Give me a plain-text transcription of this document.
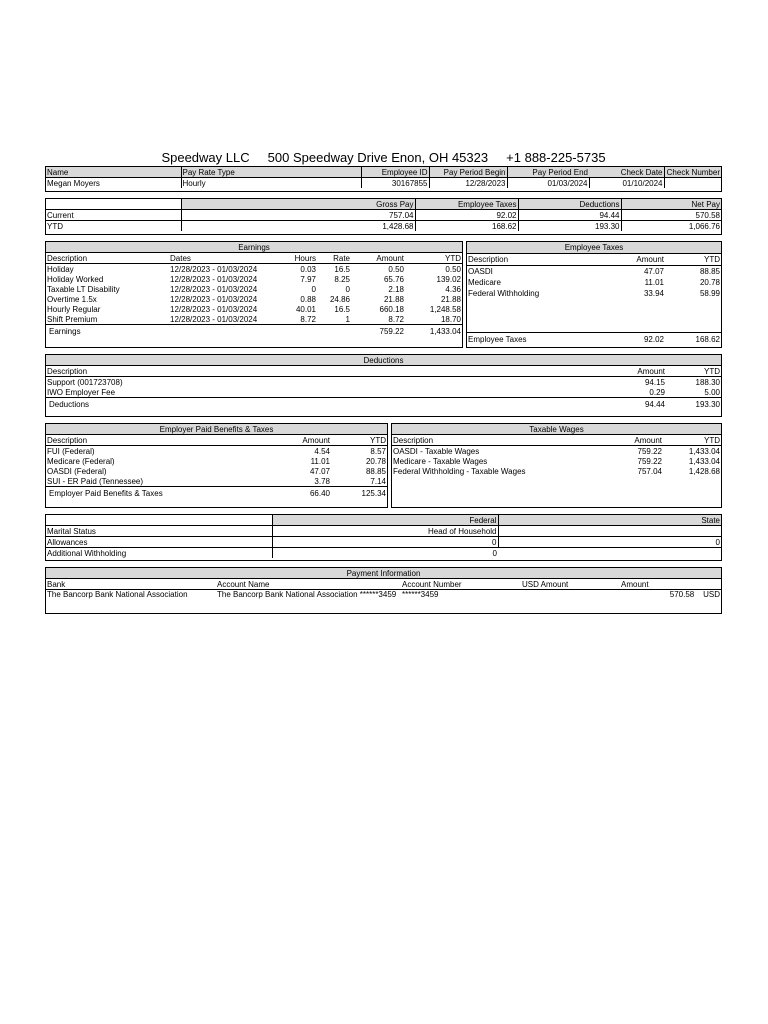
Speedway LLC 500 Speedway Drive Enon, OH 45323 +1 888-225-5735
Name	Pay Rate Type	Employee ID	Pay Period Begin	Pay Period End	Check Date	Check Number
Megan Moyers	Hourly	30167855	12/28/2023	01/03/2024	01/10/2024	
	Gross Pay	Employee Taxes	Deductions	Net Pay
Current	757.04	92.02	94.44	570.58
YTD	1,428.68	168.62	193.30	1,066.76
Earnings					
Description	Dates	Hours	Rate	Amount	YTD
Holiday	12/28/2023 - 01/03/2024	0.03	16.5	0.50	0.50
Holiday Worked	12/28/2023 - 01/03/2024	7.97	8.25	65.76	139.02
Taxable LT Disability	12/28/2023 - 01/03/2024	0	0	2.18	4.36
Overtime 1.5x	12/28/2023 - 01/03/2024	0.88	24.86	21.88	21.88
Hourly Regular	12/28/2023 - 01/03/2024	40.01	16.5	660.18	1,248.58
Shift Premium	12/28/2023 - 01/03/2024	8.72	1	8.72	18.70
Earnings				759.22	1,433.04
Employee Taxes		
Description	Amount	YTD
OASDI	47.07	88.85
Medicare	11.01	20.78
Federal Withholding	33.94	58.99

Employee Taxes	92.02	168.62
Deductions		
Description	Amount	YTD
Support (001723708)	94.15	188.30
IWO Employer Fee	0.29	5.00
Deductions	94.44	193.30
Employer Paid Benefits & Taxes		
Description	Amount	YTD
FUI (Federal)	4.54	8.57
Medicare (Federal)	11.01	20.78
OASDI (Federal)	47.07	88.85
SUI - ER Paid (Tennessee)	3.78	7.14
Employer Paid Benefits & Taxes	66.40	125.34
Taxable Wages		
Description	Amount	YTD
OASDI - Taxable Wages	759.22	1,433.04
Medicare - Taxable Wages	759.22	1,433.04
Federal Withholding - Taxable Wages	757.04	1,428.68
	Federal	State
Marital Status	Head of Household	
Allowances	0	0
Additional Withholding	0	
Payment Information				
Bank	Account Name	Account Number	USD Amount	Amount
The Bancorp Bank National Association	The Bancorp Bank National Association ******3459	******3459		570.58 USD
